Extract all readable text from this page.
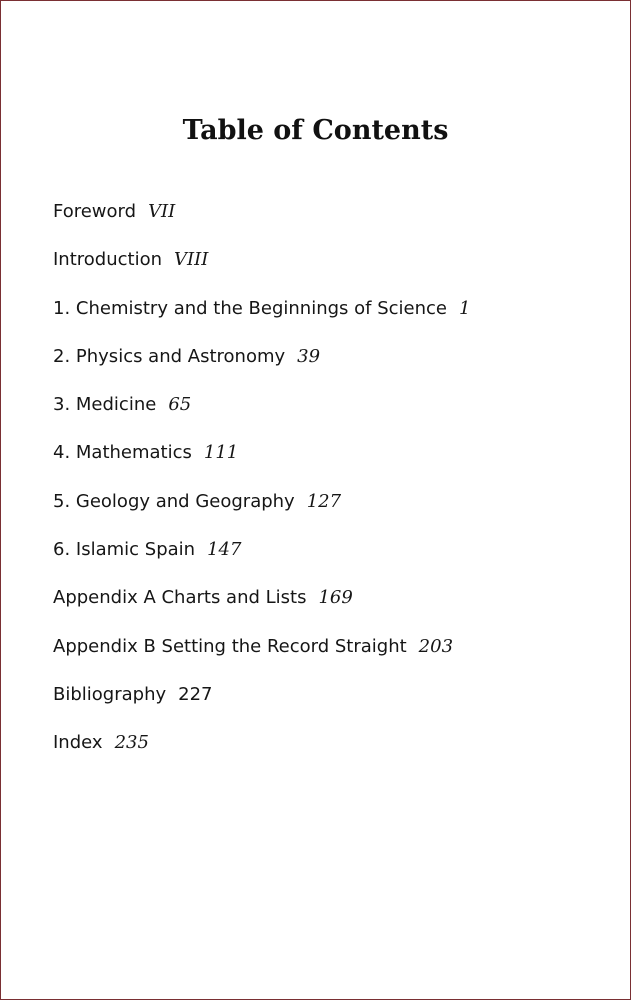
Table of Contents
Foreword VII
Introduction VIII
1. Chemistry and the Beginnings of Science 1
2. Physics and Astronomy 39
3. Medicine 65
4. Mathematics 111
5. Geology and Geography 127
6. Islamic Spain 147
Appendix A Charts and Lists 169
Appendix B Setting the Record Straight 203
Bibliography 227
Index 235
